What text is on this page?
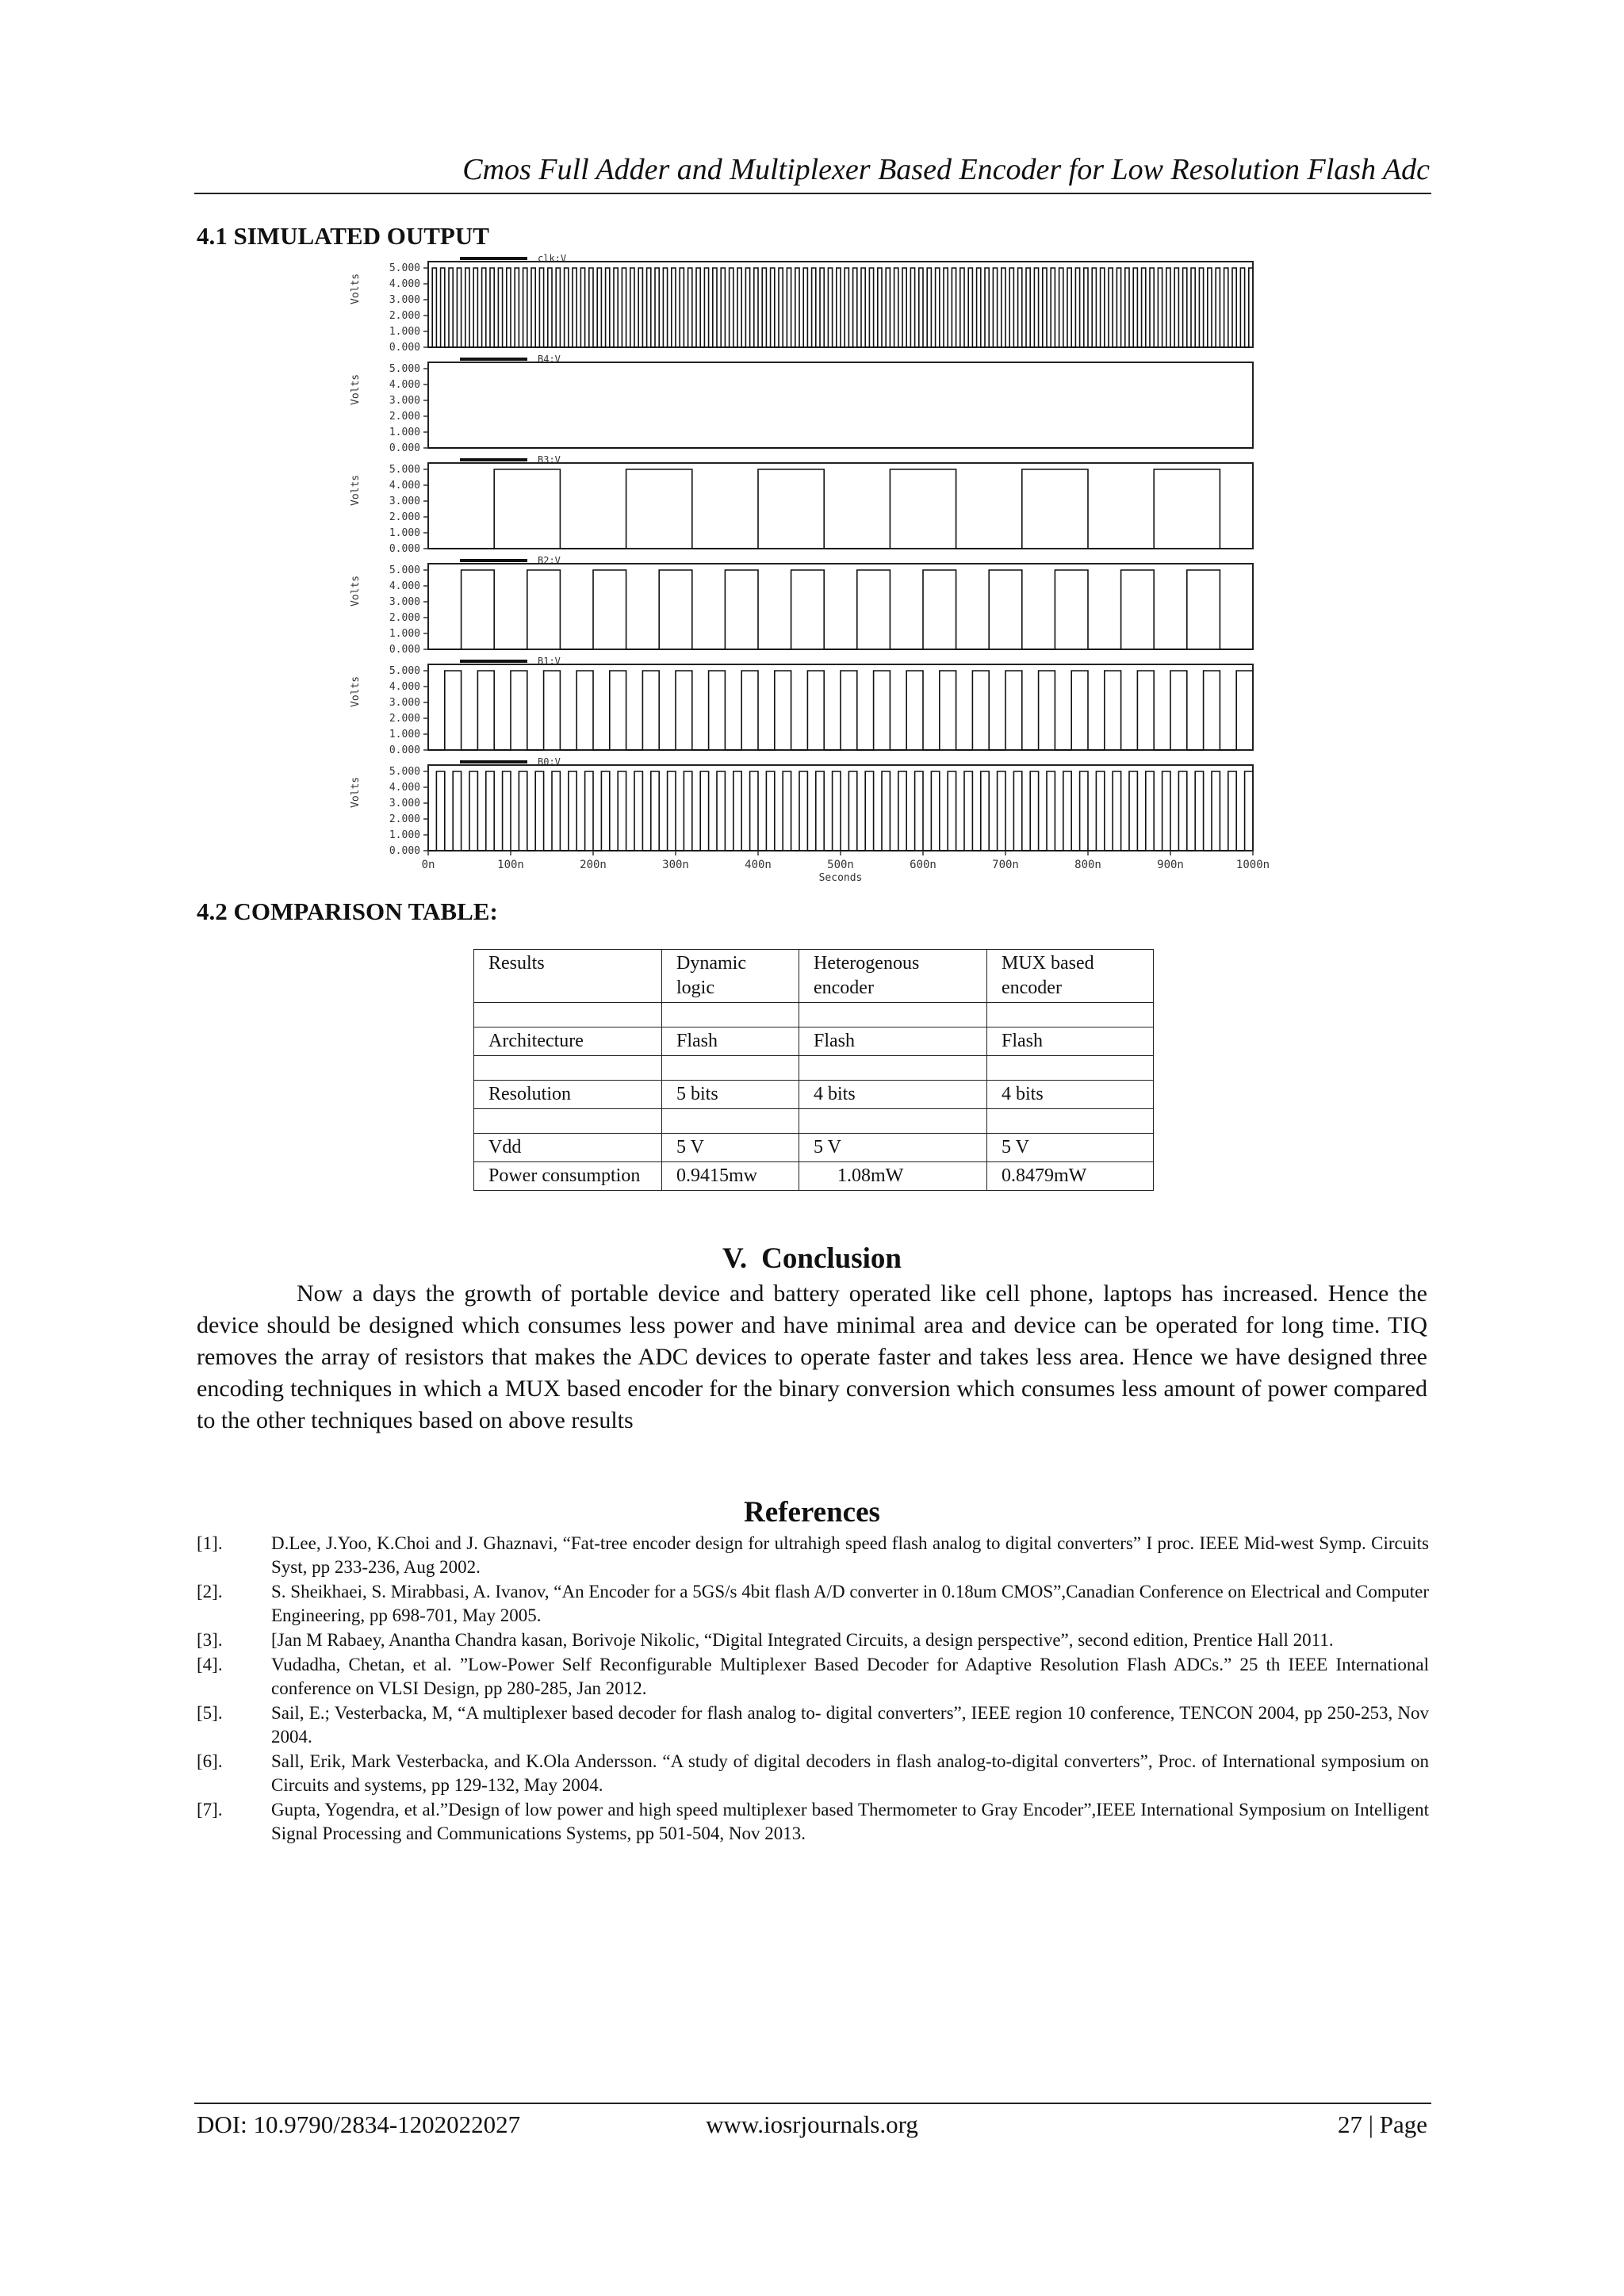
Cmos Full Adder and Multiplexer Based Encoder for Low Resolution Flash Adc
4.1 SIMULATED OUTPUT
clk:V
0.000
1.000
2.000
3.000
4.000
5.000
Volts
B4:V
0.000
1.000
2.000
3.000
4.000
5.000
Volts
B3:V
0.000
1.000
2.000
3.000
4.000
5.000
Volts
B2:V
0.000
1.000
2.000
3.000
4.000
5.000
Volts
B1:V
0.000
1.000
2.000
3.000
4.000
5.000
Volts
B0:V
0.000
1.000
2.000
3.000
4.000
5.000
Volts
0n	100n	200n	300n	400n	500n	600n	700n	800n	900n	1000n
Seconds
4.2 COMPARISON TABLE:
Results	Dynamic logic	Heterogenous encoder	MUX based encoder

Architecture	Flash	Flash	Flash

Resolution	5 bits	4 bits	4 bits

Vdd	5 V	5 V	5 V
Power consumption	0.9415mw	1.08mW	0.8479mW
V. Conclusion
Now a days the growth of portable device and battery operated like cell phone, laptops has increased. Hence the device should be designed which consumes less power and have minimal area and device can be operated for long time. TIQ removes the array of resistors that makes the ADC devices to operate faster and takes less area. Hence we have designed three encoding techniques in which a MUX based encoder for the binary conversion which consumes less amount of power compared to the other techniques based on above results
References
[1].	D.Lee, J.Yoo, K.Choi and J. Ghaznavi, “Fat-tree encoder design for ultrahigh speed flash analog to digital converters” I proc. IEEE Mid-west Symp. Circuits Syst, pp 233-236, Aug 2002.
[2].	S. Sheikhaei, S. Mirabbasi, A. Ivanov, “An Encoder for a 5GS/s 4bit flash A/D converter in 0.18um CMOS”,Canadian Conference on Electrical and Computer Engineering, pp 698-701, May 2005.
[3].	[Jan M Rabaey, Anantha Chandra kasan, Borivoje Nikolic, “Digital Integrated Circuits, a design perspective”, second edition, Prentice Hall 2011.
[4].	Vudadha, Chetan, et al. ”Low-Power Self Reconfigurable Multiplexer Based Decoder for Adaptive Resolution Flash ADCs.” 25 th IEEE International conference on VLSI Design, pp 280-285, Jan 2012.
[5].	Sail, E.; Vesterbacka, M, “A multiplexer based decoder for flash analog to- digital converters”, IEEE region 10 conference, TENCON 2004, pp 250-253, Nov 2004.
[6].	Sall, Erik, Mark Vesterbacka, and K.Ola Andersson. “A study of digital decoders in flash analog-to-digital converters”, Proc. of International symposium on Circuits and systems, pp 129-132, May 2004.
[7].	Gupta, Yogendra, et al.”Design of low power and high speed multiplexer based Thermometer to Gray Encoder”,IEEE International Symposium on Intelligent Signal Processing and Communications Systems, pp 501-504, Nov 2013.
DOI: 10.9790/2834-1202022027	www.iosrjournals.org	27 | Page
